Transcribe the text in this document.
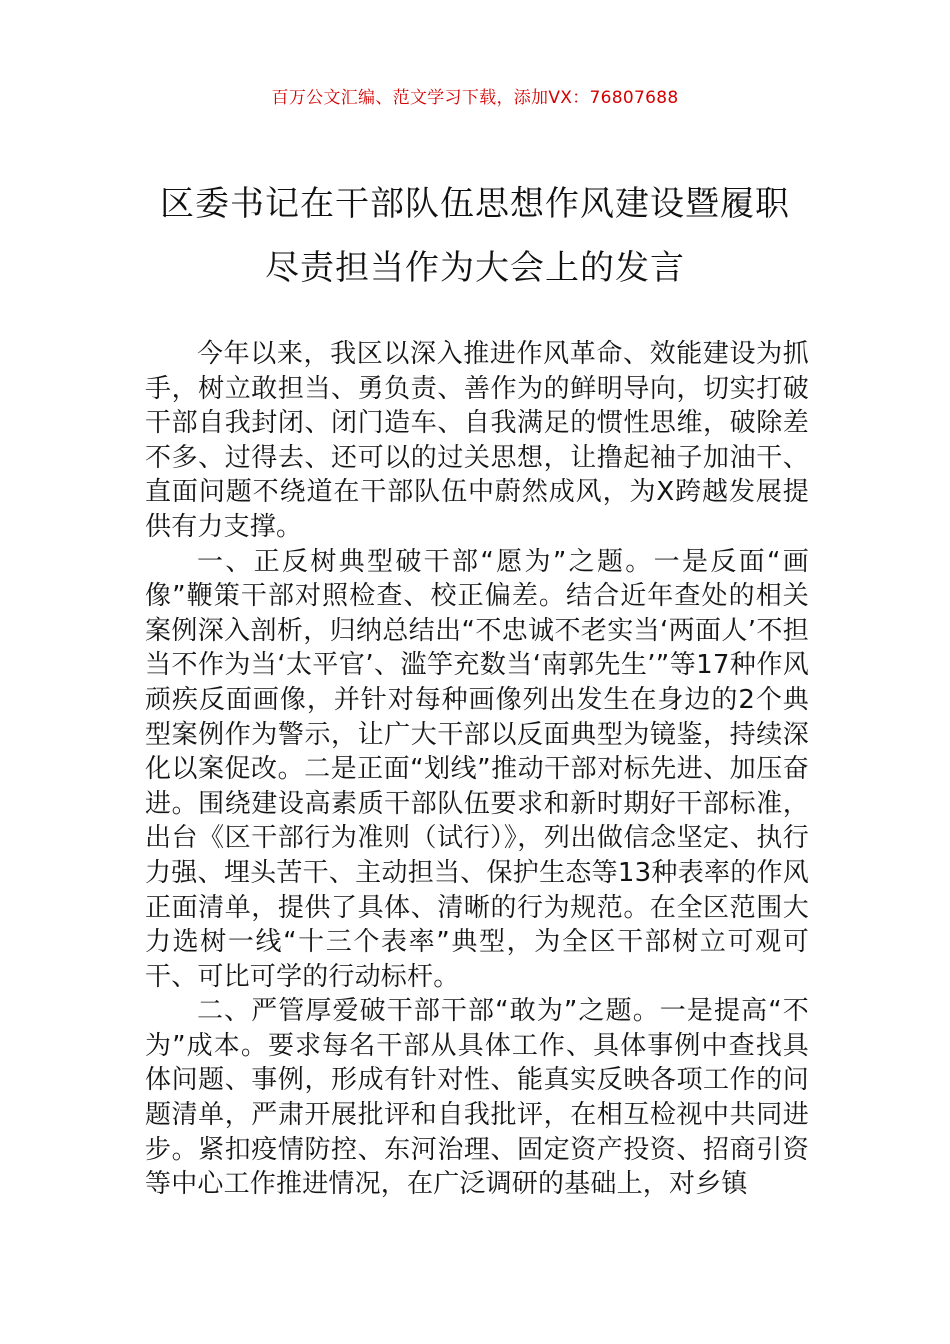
百万公文汇编、范文学习下载，添加VX：76807688
区委书记在干部队伍思想作风建设暨履职
尽责担当作为大会上的发言

今年以来，我区以深入推进作风革命、效能建设为抓手，树立敢担当、勇负责、善作为的鲜明导向，切实打破干部自我封闭、闭门造车、自我满足的惯性思维，破除差不多、过得去、还可以的过关思想，让撸起袖子加油干、直面问题不绕道在干部队伍中蔚然成风，为X跨越发展提供有力支撑。

一、正反树典型破干部“愿为”之题。一是反面“画像”鞭策干部对照检查、校正偏差。结合近年查处的相关案例深入剖析，归纳总结出“不忠诚不老实当‘两面人’不担当不作为当‘太平官’、滥竽充数当‘南郭先生’”等17种作风顽疾反面画像，并针对每种画像列出发生在身边的2个典型案例作为警示，让广大干部以反面典型为镜鉴，持续深化以案促改。二是正面“划线”推动干部对标先进、加压奋进。围绕建设高素质干部队伍要求和新时期好干部标准，出台《区干部行为准则（试行）》，列出做信念坚定、执行力强、埋头苦干、主动担当、保护生态等13种表率的作风正面清单，提供了具体、清晰的行为规范。在全区范围大力选树一线“十三个表率”典型，为全区干部树立可观可干、可比可学的行动标杆。

二、严管厚爱破干部干部“敢为”之题。一是提高“不为”成本。要求每名干部从具体工作、具体事例中查找具体问题、事例，形成有针对性、能真实反映各项工作的问题清单，严肃开展批评和自我批评，在相互检视中共同进步。紧扣疫情防控、东河治理、固定资产投资、招商引资等中心工作推进情况，在广泛调研的基础上，对乡镇
